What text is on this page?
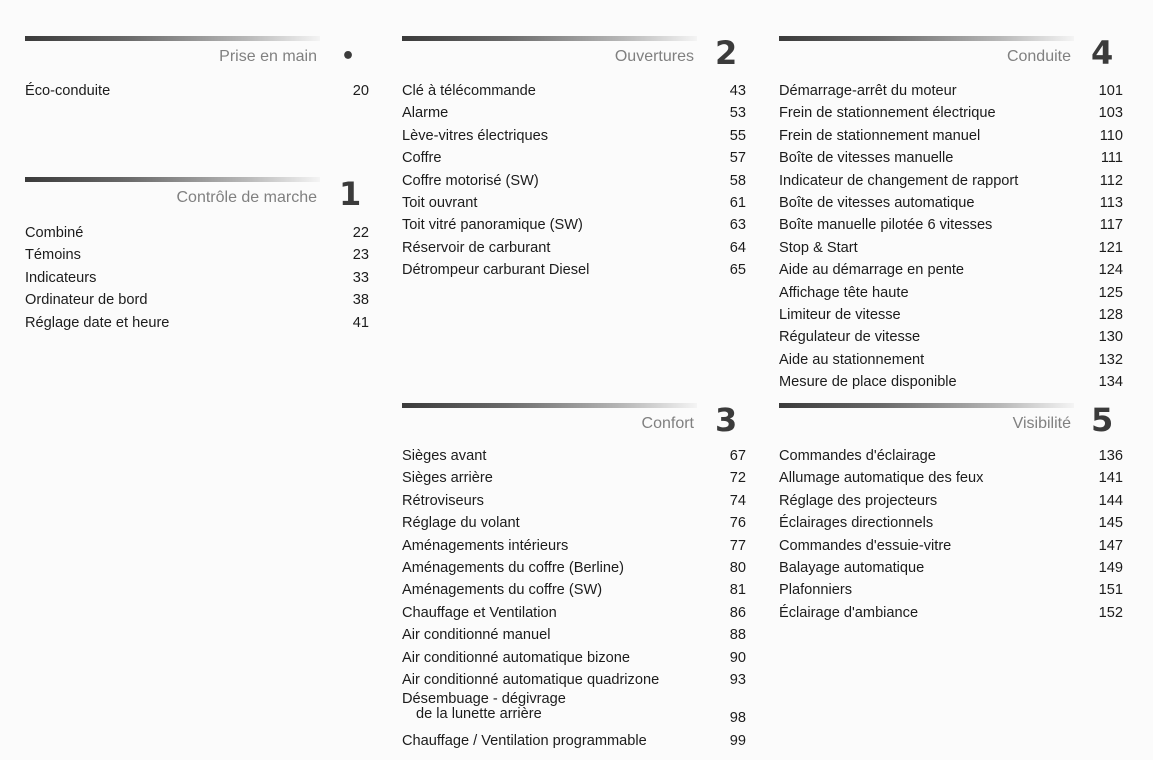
Prise en main •
Éco-conduite	20
Contrôle de marche 1
Combiné	22
Témoins	23
Indicateurs	33
Ordinateur de bord	38
Réglage date et heure	41
Ouvertures 2
Clé à télécommande	43
Alarme	53
Lève-vitres électriques	55
Coffre	57
Coffre motorisé (SW)	58
Toit ouvrant	61
Toit vitré panoramique (SW)	63
Réservoir de carburant	64
Détrompeur carburant Diesel	65
Confort 3
Sièges avant	67
Sièges arrière	72
Rétroviseurs	74
Réglage du volant	76
Aménagements intérieurs	77
Aménagements du coffre (Berline)	80
Aménagements du coffre (SW)	81
Chauffage et Ventilation	86
Air conditionné manuel	88
Air conditionné automatique bizone	90
Air conditionné automatique quadrizone	93
Désembuage - dégivrage
de la lunette arrière	98
Chauffage / Ventilation programmable	99
Conduite 4
Démarrage-arrêt du moteur	101
Frein de stationnement électrique	103
Frein de stationnement manuel	110
Boîte de vitesses manuelle	111
Indicateur de changement de rapport	112
Boîte de vitesses automatique	113
Boîte manuelle pilotée 6 vitesses	117
Stop & Start	121
Aide au démarrage en pente	124
Affichage tête haute	125
Limiteur de vitesse	128
Régulateur de vitesse	130
Aide au stationnement	132
Mesure de place disponible	134
Visibilité 5
Commandes d'éclairage	136
Allumage automatique des feux	141
Réglage des projecteurs	144
Éclairages directionnels	145
Commandes d'essuie-vitre	147
Balayage automatique	149
Plafonniers	151
Éclairage d'ambiance	152
